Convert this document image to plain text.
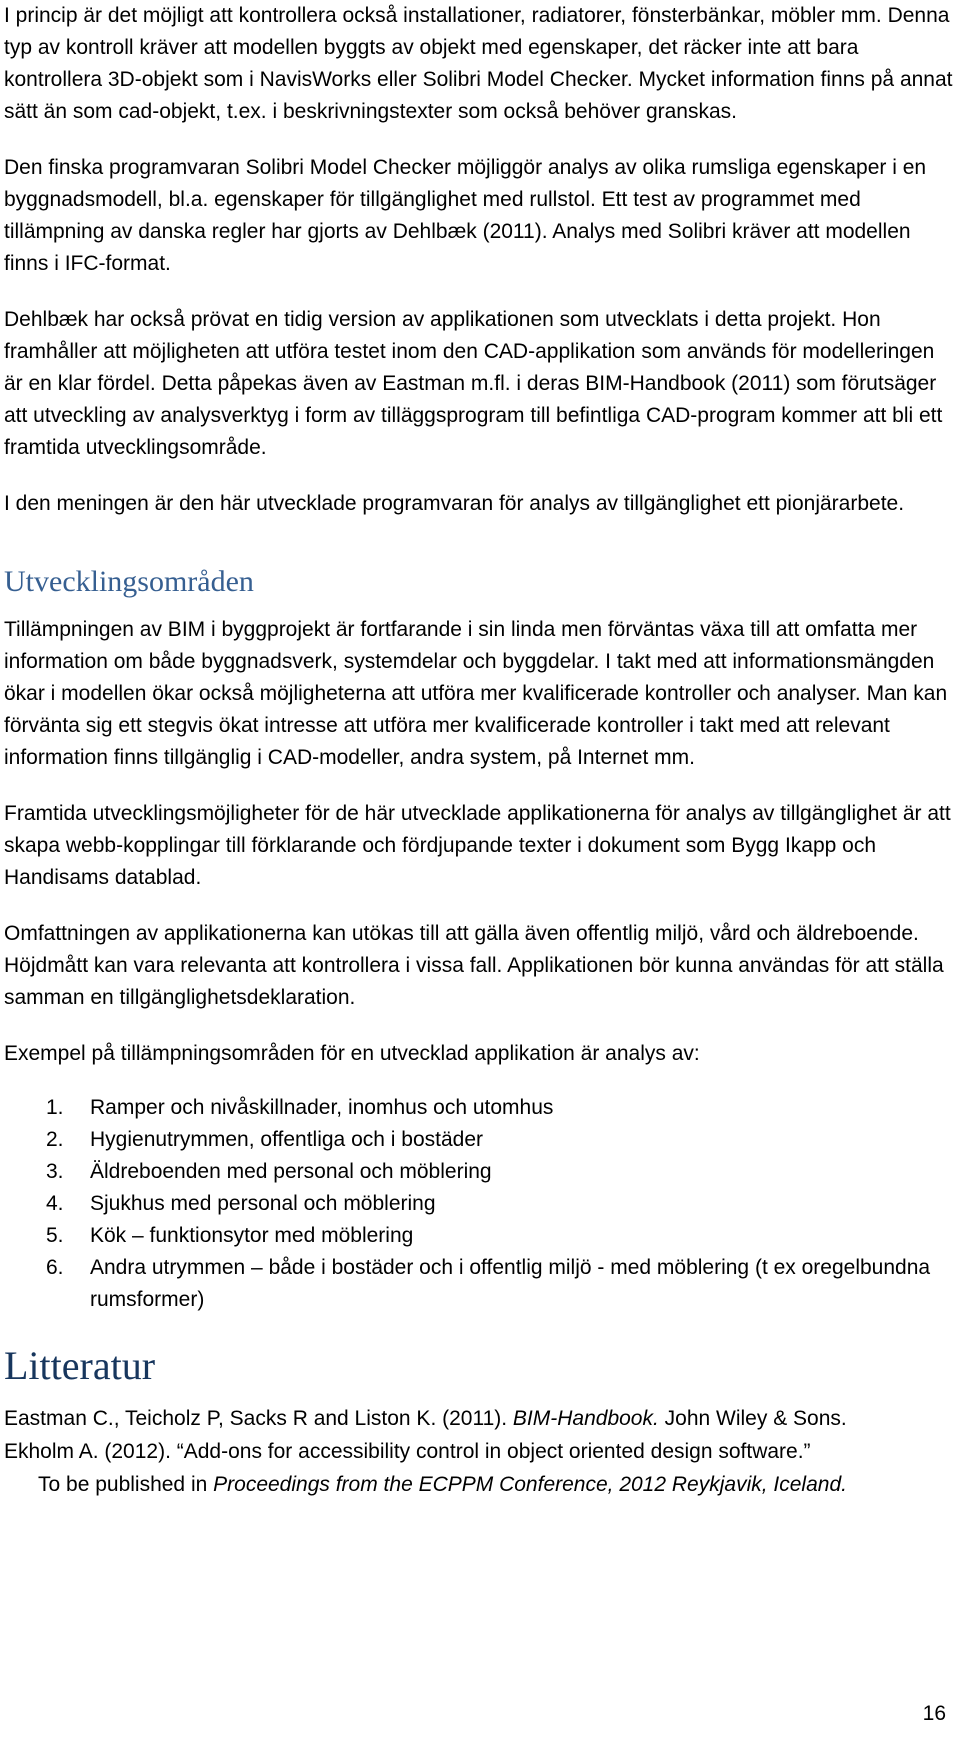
I princip är det möjligt att kontrollera också installationer, radiatorer, fönsterbänkar, möbler mm. Denna typ av kontroll kräver att modellen byggts av objekt med egenskaper, det räcker inte att bara kontrollera 3D-objekt som i NavisWorks eller Solibri Model Checker. Mycket information finns på annat sätt än som cad-objekt, t.ex. i beskrivningstexter som också behöver granskas.

Den finska programvaran Solibri Model Checker möjliggör analys av olika rumsliga egenskaper i en byggnadsmodell, bl.a. egenskaper för tillgänglighet med rullstol. Ett test av programmet med tillämpning av danska regler har gjorts av Dehlbæk (2011). Analys med Solibri kräver att modellen finns i IFC-format.

Dehlbæk har också prövat en tidig version av applikationen som utvecklats i detta projekt. Hon framhåller att möjligheten att utföra testet inom den CAD-applikation som används för modelleringen är en klar fördel. Detta påpekas även av Eastman m.fl. i deras BIM-Handbook (2011) som förutsäger att utveckling av analysverktyg i form av tilläggsprogram till befintliga CAD-program kommer att bli ett framtida utvecklingsområde.

I den meningen är den här utvecklade programvaran för analys av tillgänglighet ett pionjärarbete.

Utvecklingsområden

Tillämpningen av BIM i byggprojekt är fortfarande i sin linda men förväntas växa till att omfatta mer information om både byggnadsverk, systemdelar och byggdelar. I takt med att informationsmängden ökar i modellen ökar också möjligheterna att utföra mer kvalificerade kontroller och analyser. Man kan förvänta sig ett stegvis ökat intresse att utföra mer kvalificerade kontroller i takt med att relevant information finns tillgänglig i CAD-modeller, andra system, på Internet mm.

Framtida utvecklingsmöjligheter för de här utvecklade applikationerna för analys av tillgänglighet är att skapa webb-kopplingar till förklarande och fördjupande texter i dokument som Bygg Ikapp och Handisams datablad.

Omfattningen av applikationerna kan utökas till att gälla även offentlig miljö, vård och äldreboende. Höjdmått kan vara relevanta att kontrollera i vissa fall. Applikationen bör kunna användas för att ställa samman en tillgänglighetsdeklaration.

Exempel på tillämpningsområden för en utvecklad applikation är analys av:

1. Ramper och nivåskillnader, inomhus och utomhus
2. Hygienutrymmen, offentliga och i bostäder
3. Äldreboenden med personal och möblering
4. Sjukhus med personal och möblering
5. Kök – funktionsytor med möblering
6. Andra utrymmen – både i bostäder och i offentlig miljö - med möblering (t ex oregelbundna rumsformer)
Litteratur
Eastman C., Teicholz P, Sacks R and Liston K. (2011). BIM-Handbook. John Wiley & Sons.
Ekholm A. (2012). “Add-ons for accessibility control in object oriented design software.”
To be published in Proceedings from the ECPPM Conference, 2012 Reykjavik, Iceland.
16
